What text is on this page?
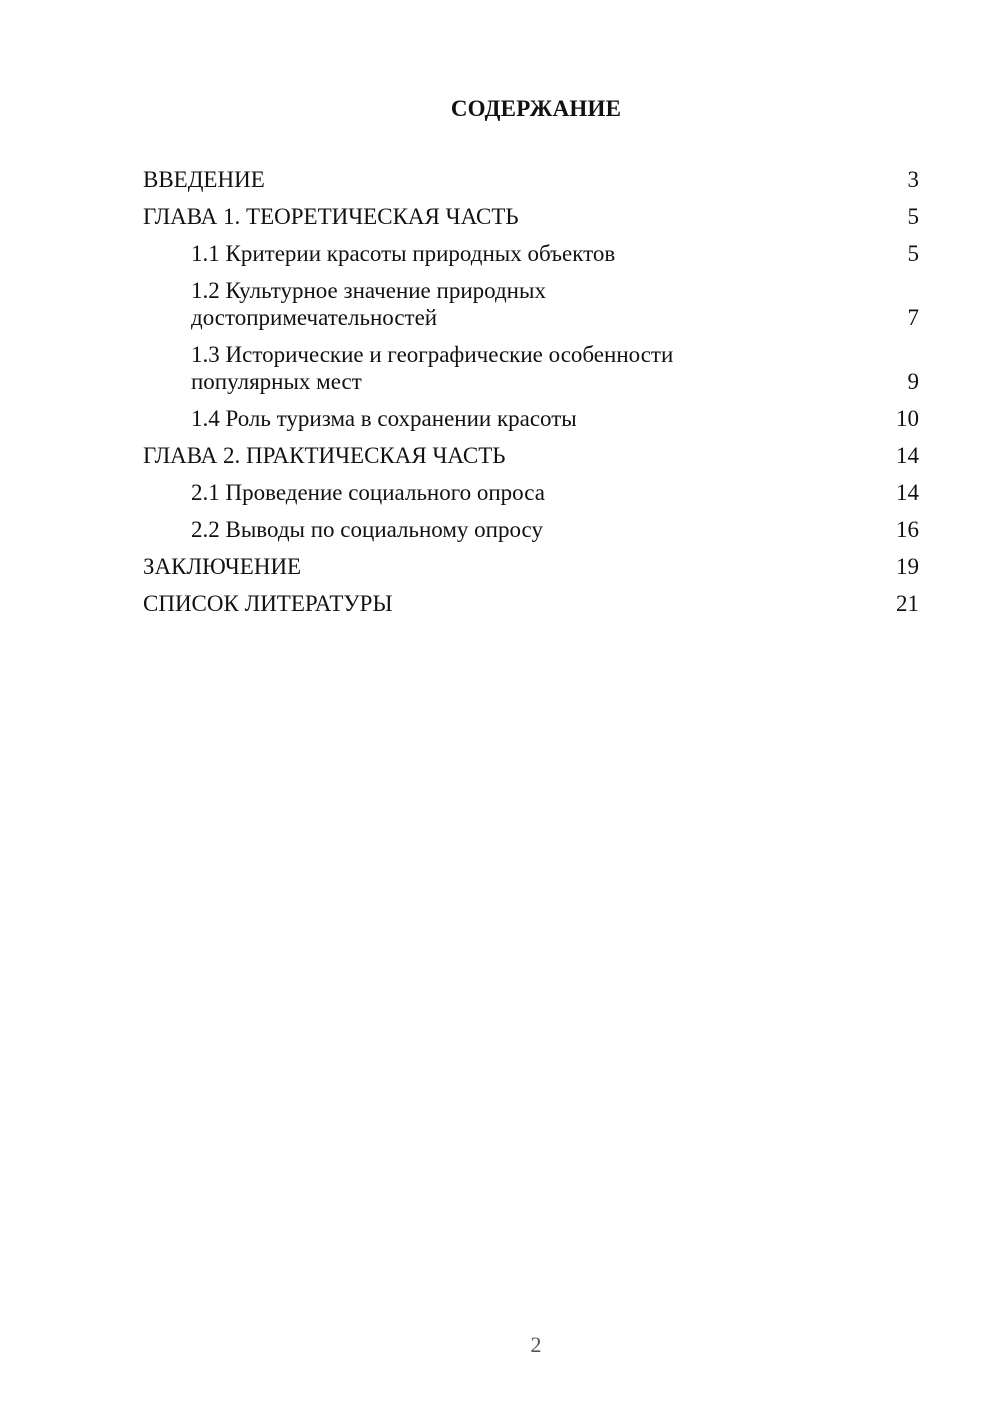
СОДЕРЖАНИЕ
ВВЕДЕНИЕ	3
ГЛАВА 1. ТЕОРЕТИЧЕСКАЯ ЧАСТЬ	5
1.1 Критерии красоты природных объектов	5
1.2 Культурное значение природных достопримечательностей	7
1.3 Исторические и географические особенности популярных мест	9
1.4 Роль туризма в сохранении красоты	10
ГЛАВА 2. ПРАКТИЧЕСКАЯ ЧАСТЬ	14
2.1 Проведение социального опроса	14
2.2 Выводы по социальному опросу	16
ЗАКЛЮЧЕНИЕ	19
СПИСОК ЛИТЕРАТУРЫ	21
2
